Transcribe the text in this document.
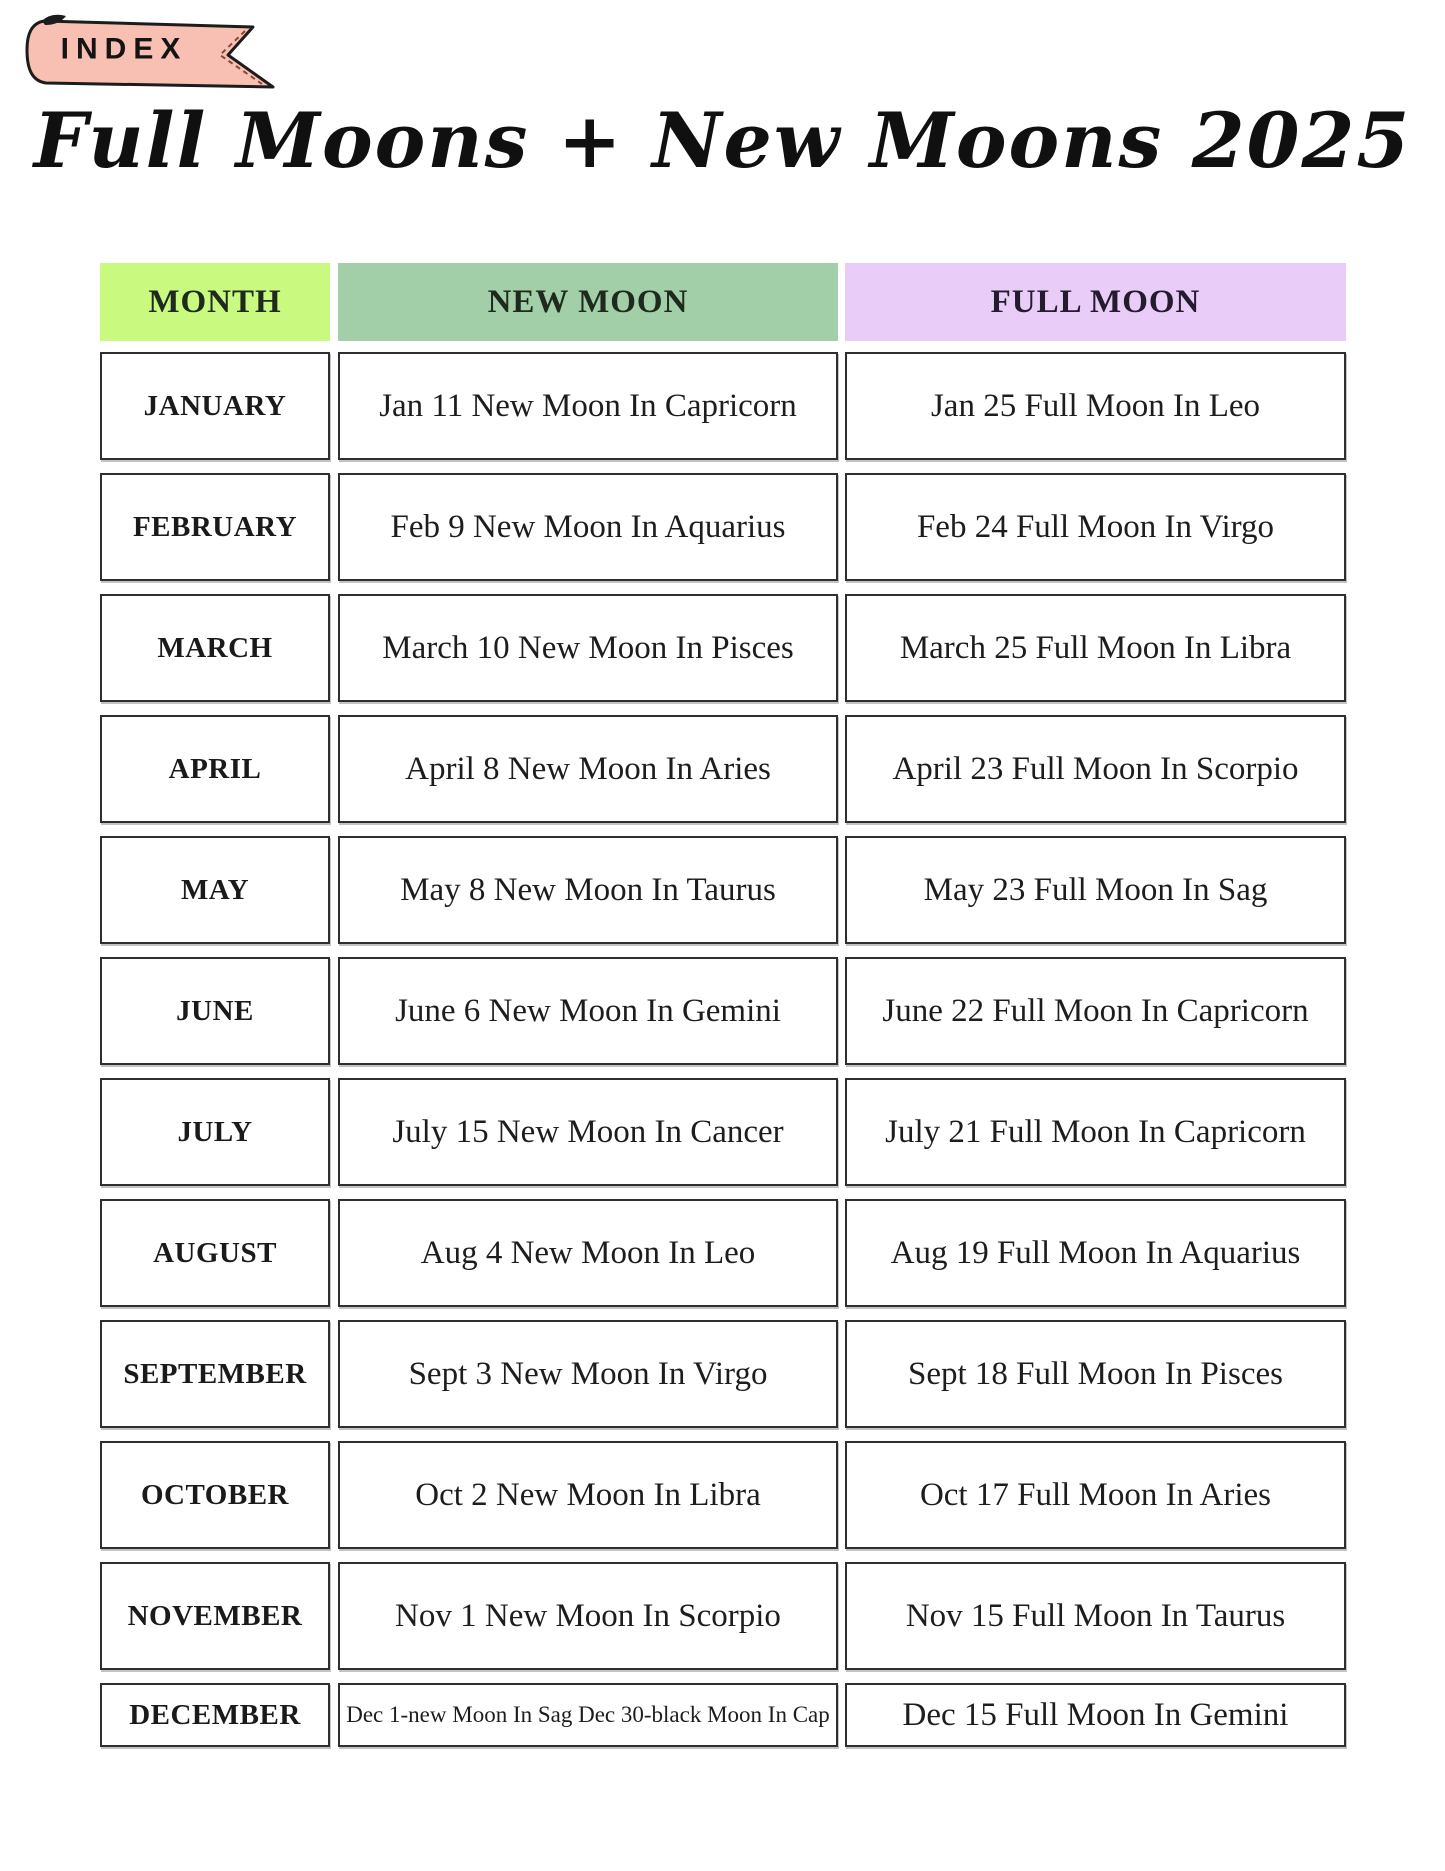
INDEX
Full Moons + New Moons 2025
MONTH	NEW MOON	FULL MOON
JANUARY	Jan 11 New Moon In Capricorn	Jan 25 Full Moon In Leo
FEBRUARY	Feb 9 New Moon In Aquarius	Feb 24 Full Moon In Virgo
MARCH	March 10 New Moon In Pisces	March 25 Full Moon In Libra
APRIL	April 8 New Moon In Aries	April 23 Full Moon In Scorpio
MAY	May 8 New Moon In Taurus	May 23 Full Moon In Sag
JUNE	June 6 New Moon In Gemini	June 22 Full Moon In Capricorn
JULY	July 15 New Moon In Cancer	July 21 Full Moon In Capricorn
AUGUST	Aug 4 New Moon In Leo	Aug 19 Full Moon In Aquarius
SEPTEMBER	Sept 3 New Moon In Virgo	Sept 18 Full Moon In Pisces
OCTOBER	Oct 2 New Moon In Libra	Oct 17 Full Moon In Aries
NOVEMBER	Nov 1 New Moon In Scorpio	Nov 15 Full Moon In Taurus
DECEMBER	Dec 1-new Moon In Sag Dec 30-black Moon In Cap	Dec 15 Full Moon In Gemini
